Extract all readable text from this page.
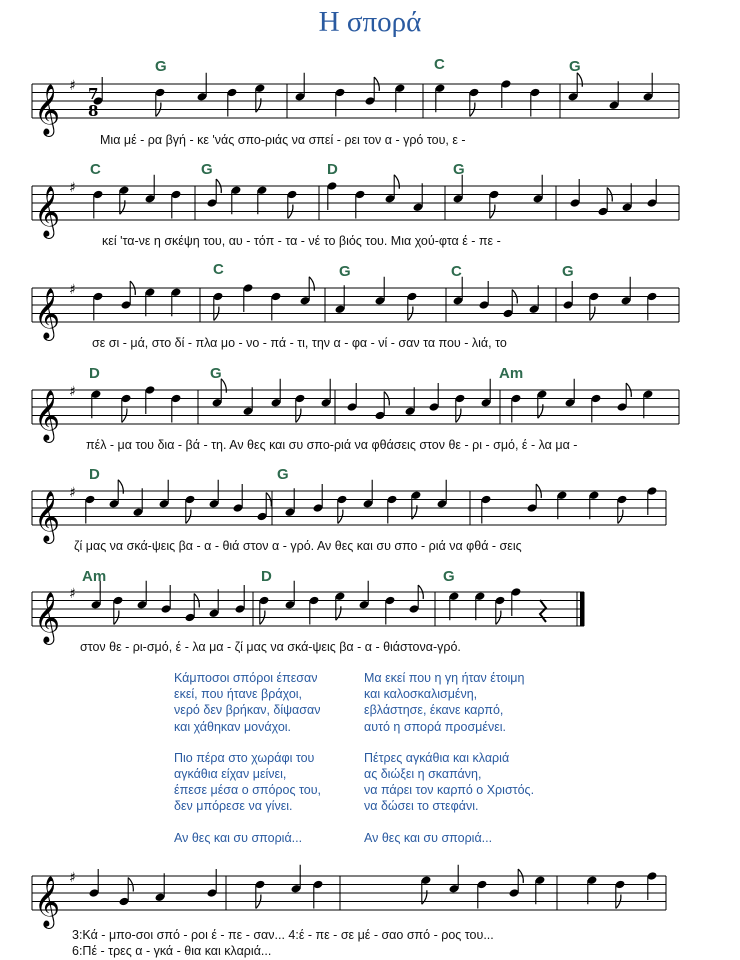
Η σπορά
𝄞 ♯
𝄞 ♯
𝄞 ♯
𝄞 ♯
𝄞 ♯
𝄞 ♯
𝄞 ♯
7
8
G	C	G
C	G	D	G
C	G	C	G
D	G	Am
D	G
Am	D	G
Μια μέ - ρα βγή - κε 'νάς σπο-ριάς να σπεί - ρει τον α - γρό του, ε -
κεί 'τα-νε η σκέψη του, αυ - τόπ - τα - νέ το βιός του. Μια χού-φτα έ - πε -
σε σι - μά, στο δί - πλα μο - νο - πά - τι, την α - φα - νί - σαν τα που - λιά, το
πέλ - μα του δια - βά - τη. Αν θες και συ σπο-ριά να φθάσεις στον θε - ρι - σμό, έ - λα μα -
ζί μας να σκά-ψεις βα - α - θιά στον α - γρό. Αν θες και συ σπο - ριά να φθά - σεις
στον θε - ρι-σμό, έ - λα μα - ζί μας να σκά-ψεις βα - α - θιάστονα-γρό.
3:Κά - μπο-σοι σπό - ροι έ - πε - σαν... 4:έ - πε - σε μέ - σαο σπό - ρος του...
6:Πέ - τρες α - γκά - θια και κλαριά...
Κάμποσοι σπόροι έπεσαν
εκεί, που ήτανε βράχοι,
νερό δεν βρήκαν, δίψασαν
και χάθηκαν μονάχοι.
Πιο πέρα στο χωράφι του
αγκάθια είχαν μείνει,
έπεσε μέσα ο σπόρος του,
δεν μπόρεσε να γίνει.
Αν θες και συ σποριά...
Μα εκεί που η γη ήταν έτοιμη
και καλοσκαλισμένη,
εβλάστησε, έκανε καρπό,
αυτό η σπορά προσμένει.
Πέτρες αγκάθια και κλαριά
ας διώξει η σκαπάνη,
να πάρει τον καρπό ο Χριστός.
να δώσει το στεφάνι.
Αν θες και συ σποριά...
